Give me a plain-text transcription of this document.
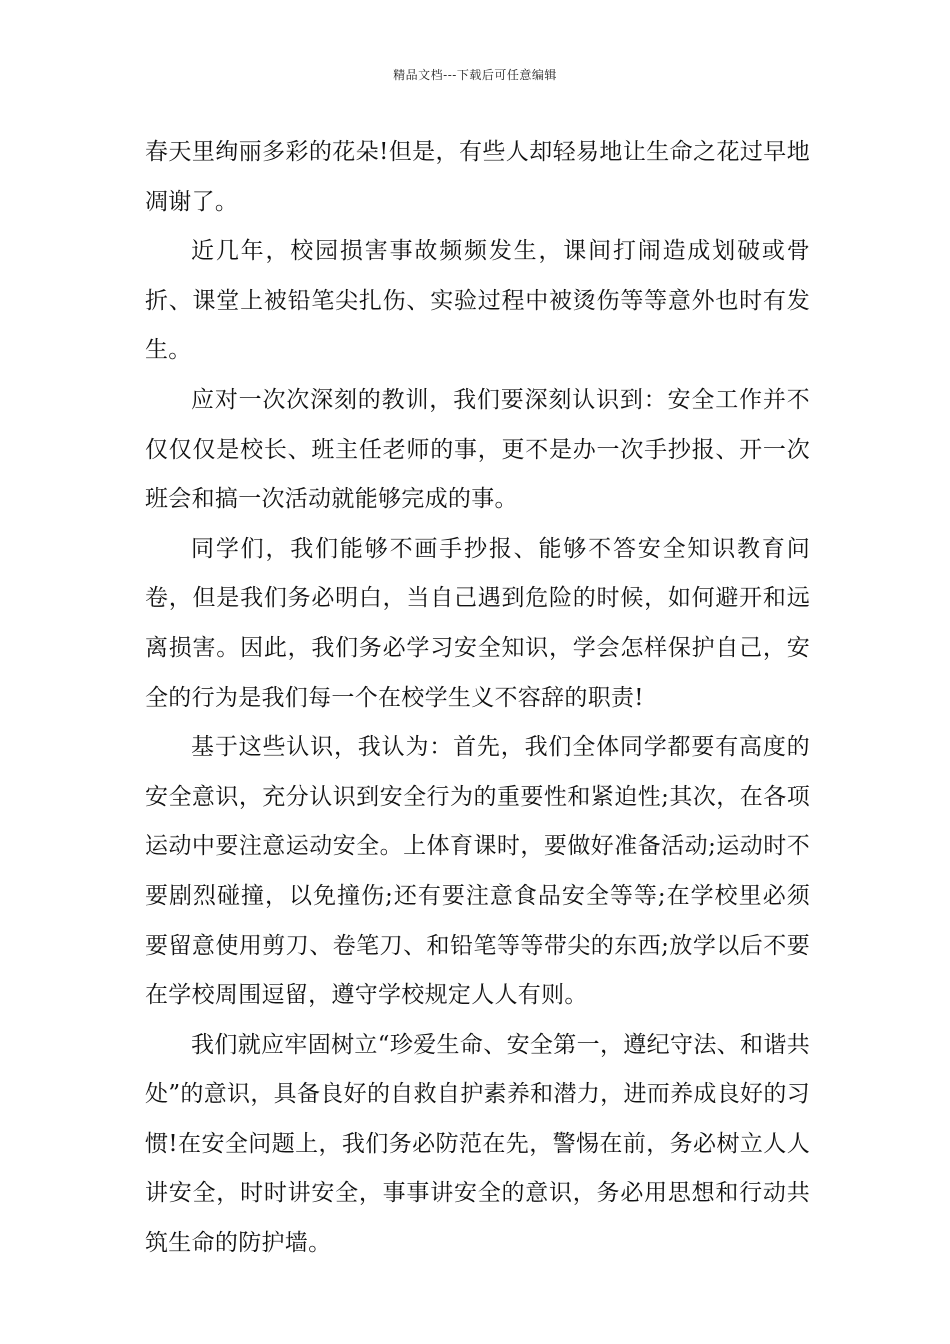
精品文档---下载后可任意编辑

春天里绚丽多彩的花朵!但是，有些人却轻易地让生命之花过早地凋谢了。

近几年，校园损害事故频频发生，课间打闹造成划破或骨折、课堂上被铅笔尖扎伤、实验过程中被烫伤等等意外也时有发生。

应对一次次深刻的教训，我们要深刻认识到：安全工作并不仅仅仅是校长、班主任老师的事，更不是办一次手抄报、开一次班会和搞一次活动就能够完成的事。

同学们，我们能够不画手抄报、能够不答安全知识教育问卷，但是我们务必明白，当自己遇到危险的时候，如何避开和远离损害。因此，我们务必学习安全知识，学会怎样保护自己，安全的行为是我们每一个在校学生义不容辞的职责!

基于这些认识，我认为：首先，我们全体同学都要有高度的安全意识，充分认识到安全行为的重要性和紧迫性;其次，在各项运动中要注意运动安全。上体育课时，要做好准备活动;运动时不要剧烈碰撞，以免撞伤;还有要注意食品安全等等;在学校里必须要留意使用剪刀、卷笔刀、和铅笔等等带尖的东西;放学以后不要在学校周围逗留，遵守学校规定人人有则。

我们就应牢固树立“珍爱生命、安全第一，遵纪守法、和谐共处”的意识，具备良好的自救自护素养和潜力，进而养成良好的习惯!在安全问题上，我们务必防范在先，警惕在前，务必树立人人讲安全，时时讲安全，事事讲安全的意识，务必用思想和行动共筑生命的防护墙。
